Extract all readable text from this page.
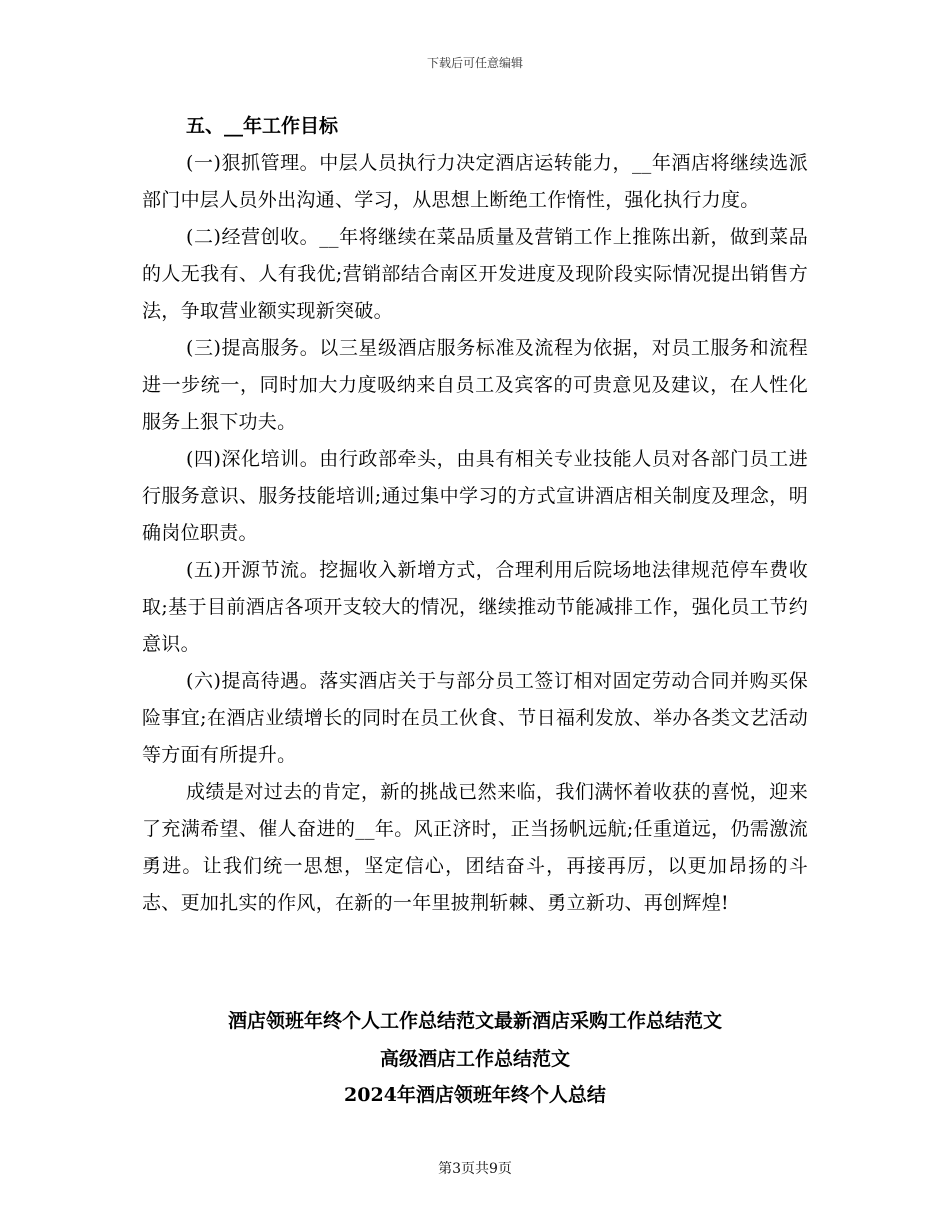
下载后可任意编辑

五、__年工作目标

(一)狠抓管理。中层人员执行力决定酒店运转能力，__年酒店将继续选派部门中层人员外出沟通、学习，从思想上断绝工作惰性，强化执行力度。

(二)经营创收。__年将继续在菜品质量及营销工作上推陈出新，做到菜品的人无我有、人有我优;营销部结合南区开发进度及现阶段实际情况提出销售方法，争取营业额实现新突破。

(三)提高服务。以三星级酒店服务标准及流程为依据，对员工服务和流程进一步统一，同时加大力度吸纳来自员工及宾客的可贵意见及建议，在人性化服务上狠下功夫。

(四)深化培训。由行政部牵头，由具有相关专业技能人员对各部门员工进行服务意识、服务技能培训;通过集中学习的方式宣讲酒店相关制度及理念，明确岗位职责。

(五)开源节流。挖掘收入新增方式，合理利用后院场地法律规范停车费收取;基于目前酒店各项开支较大的情况，继续推动节能减排工作，强化员工节约意识。

(六)提高待遇。落实酒店关于与部分员工签订相对固定劳动合同并购买保险事宜;在酒店业绩增长的同时在员工伙食、节日福利发放、举办各类文艺活动等方面有所提升。

成绩是对过去的肯定，新的挑战已然来临，我们满怀着收获的喜悦，迎来了充满希望、催人奋进的__年。风正济时，正当扬帆远航;任重道远，仍需激流勇进。让我们统一思想，坚定信心，团结奋斗，再接再厉，以更加昂扬的斗志、更加扎实的作风，在新的一年里披荆斩棘、勇立新功、再创辉煌!

酒店领班年终个人工作总结范文最新酒店采购工作总结范文
高级酒店工作总结范文
2024年酒店领班年终个人总结
第3页共9页
